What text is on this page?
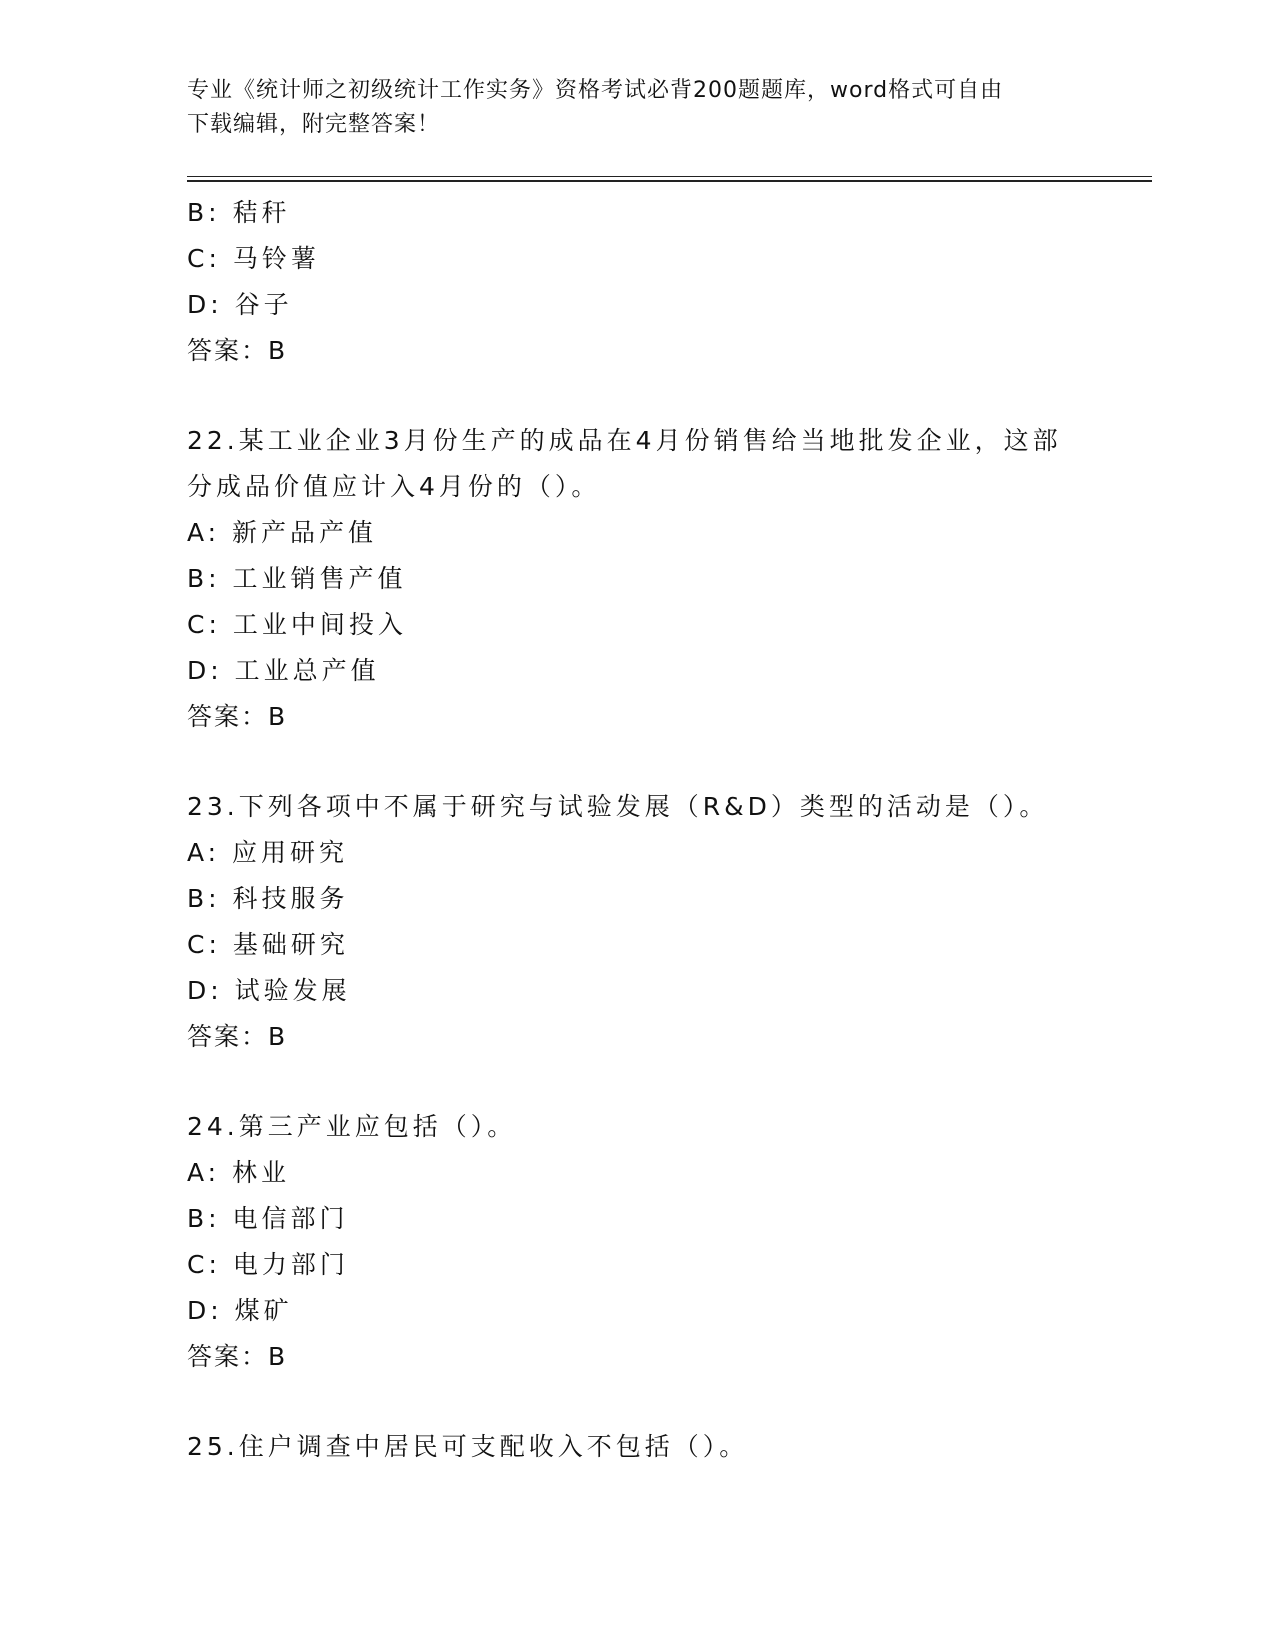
专业《统计师之初级统计工作实务》资格考试必背200题题库，word格式可自由
下载编辑，附完整答案！
B: 秸秆
C: 马铃薯
D: 谷子
答案：B
22.某工业企业3月份生产的成品在4月份销售给当地批发企业，这部
分成品价值应计入4月份的（）。
A: 新产品产值
B: 工业销售产值
C: 工业中间投入
D: 工业总产值
答案：B
23.下列各项中不属于研究与试验发展（R&D）类型的活动是（）。
A: 应用研究
B: 科技服务
C: 基础研究
D: 试验发展
答案：B
24.第三产业应包括（）。
A: 林业
B: 电信部门
C: 电力部门
D: 煤矿
答案：B
25.住户调查中居民可支配收入不包括（）。
